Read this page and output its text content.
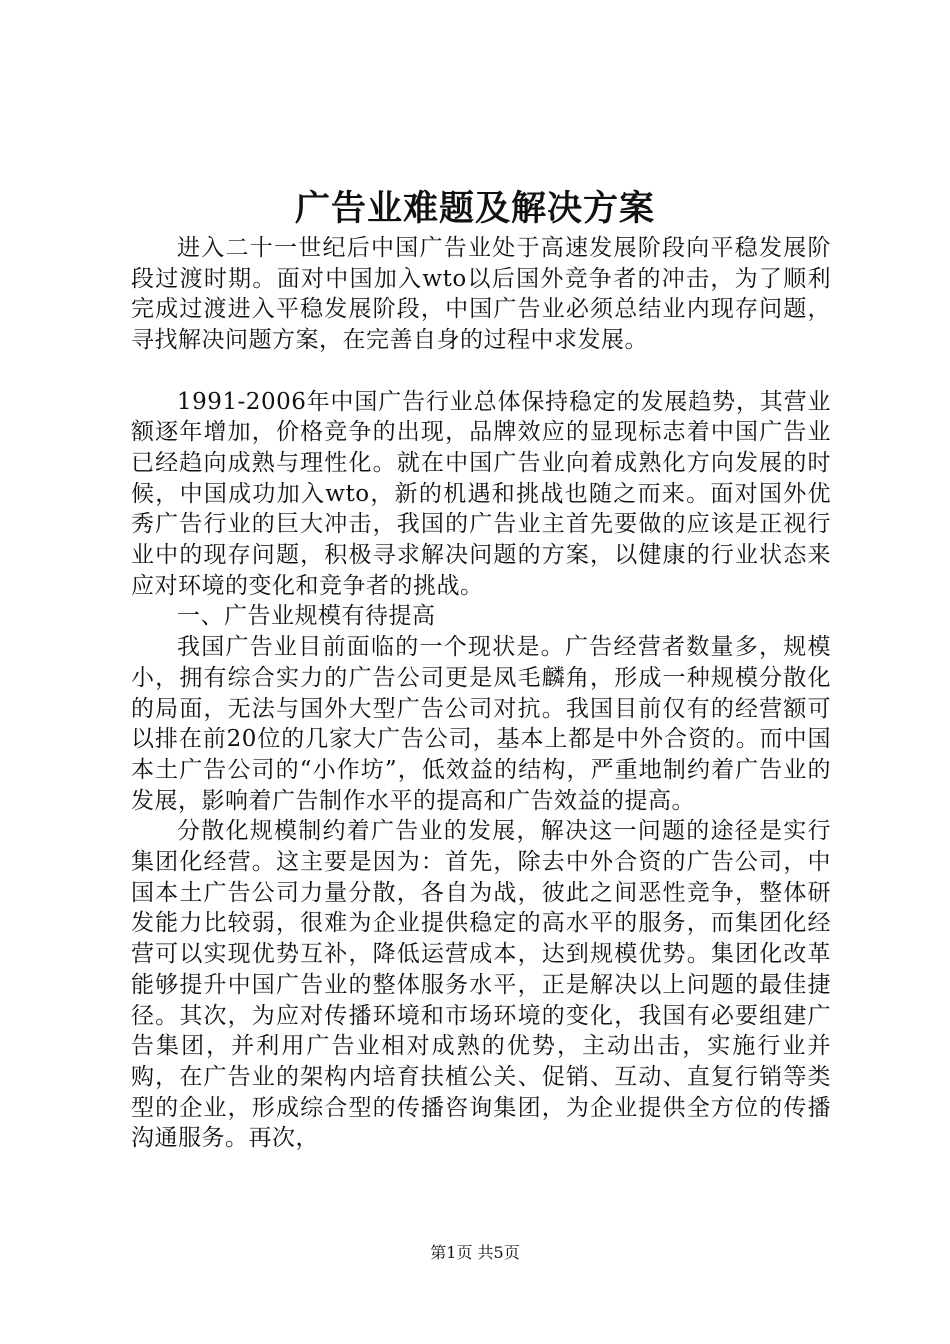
广告业难题及解决方案

进入二十一世纪后中国广告业处于高速发展阶段向平稳发展阶段过渡时期。面对中国加入wto以后国外竞争者的冲击，为了顺利完成过渡进入平稳发展阶段，中国广告业必须总结业内现存问题，寻找解决问题方案，在完善自身的过程中求发展。

1991-2006年中国广告行业总体保持稳定的发展趋势，其营业额逐年增加，价格竞争的出现，品牌效应的显现标志着中国广告业已经趋向成熟与理性化。就在中国广告业向着成熟化方向发展的时候，中国成功加入wto，新的机遇和挑战也随之而来。面对国外优秀广告行业的巨大冲击，我国的广告业主首先要做的应该是正视行业中的现存问题，积极寻求解决问题的方案，以健康的行业状态来应对环境的变化和竞争者的挑战。

一、广告业规模有待提高

我国广告业目前面临的一个现状是。广告经营者数量多，规模小，拥有综合实力的广告公司更是凤毛麟角，形成一种规模分散化的局面，无法与国外大型广告公司对抗。我国目前仅有的经营额可以排在前20位的几家大广告公司，基本上都是中外合资的。而中国本土广告公司的“小作坊”，低效益的结构，严重地制约着广告业的发展，影响着广告制作水平的提高和广告效益的提高。

分散化规模制约着广告业的发展，解决这一问题的途径是实行集团化经营。这主要是因为：首先，除去中外合资的广告公司，中国本土广告公司力量分散，各自为战，彼此之间恶性竞争，整体研发能力比较弱，很难为企业提供稳定的高水平的服务，而集团化经营可以实现优势互补，降低运营成本，达到规模优势。集团化改革能够提升中国广告业的整体服务水平，正是解决以上问题的最佳捷径。其次，为应对传播环境和市场环境的变化，我国有必要组建广告集团，并利用广告业相对成熟的优势，主动出击，实施行业并购，在广告业的架构内培育扶植公关、促销、互动、直复行销等类型的企业，形成综合型的传播咨询集团，为企业提供全方位的传播沟通服务。再次，

第1页 共5页
